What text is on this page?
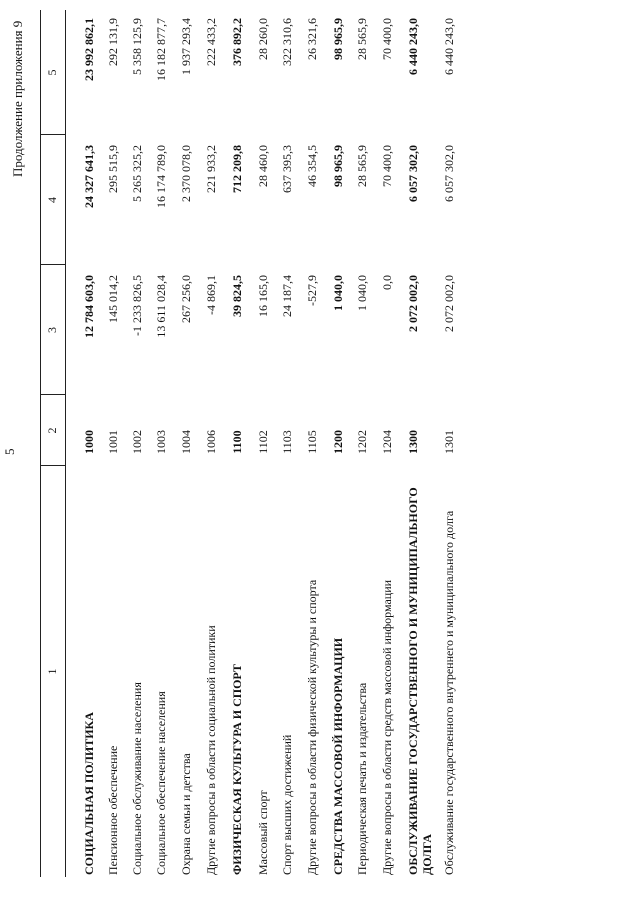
5
Продолжение приложения 9
1
2
3
4
5
СОЦИАЛЬНАЯ ПОЛИТИКА
1000
12 784 603,0
24 327 641,3
23 992 862,1
Пенсионное обеспечение
1001
145 014,2
295 515,9
292 131,9
Социальное обслуживание населения
1002
-1 233 826,5
5 265 325,2
5 358 125,9
Социальное обеспечение населения
1003
13 611 028,4
16 174 789,0
16 182 877,7
Охрана семьи и детства
1004
267 256,0
2 370 078,0
1 937 293,4
Другие вопросы в области социальной политики
1006
-4 869,1
221 933,2
222 433,2
ФИЗИЧЕСКАЯ КУЛЬТУРА И СПОРТ
1100
39 824,5
712 209,8
376 892,2
Массовый спорт
1102
16 165,0
28 460,0
28 260,0
Спорт высших достижений
1103
24 187,4
637 395,3
322 310,6
Другие вопросы в области физической культуры и спорта
1105
-527,9
46 354,5
26 321,6
СРЕДСТВА МАССОВОЙ ИНФОРМАЦИИ
1200
1 040,0
98 965,9
98 965,9
Периодическая печать и издательства
1202
1 040,0
28 565,9
28 565,9
Другие вопросы в области средств массовой информации
1204
0,0
70 400,0
70 400,0
ОБСЛУЖИВАНИЕ ГОСУДАРСТВЕННОГО И МУНИЦИПАЛЬНОГО ДОЛГА
1300
2 072 002,0
6 057 302,0
6 440 243,0
Обслуживание государственного внутреннего и муниципального долга
1301
2 072 002,0
6 057 302,0
6 440 243,0
